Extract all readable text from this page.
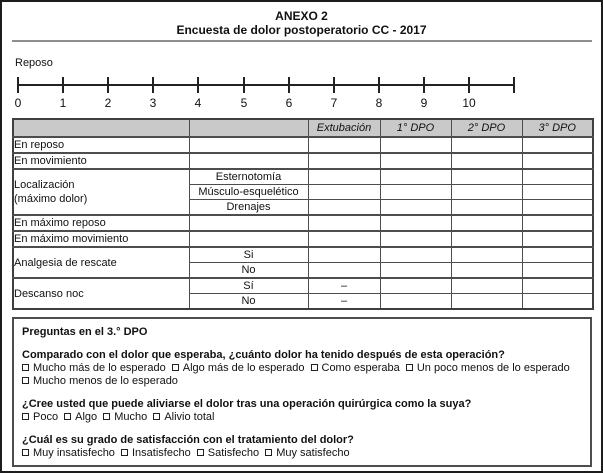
ANEXO 2
Encuesta de dolor postoperatorio CC - 2017
Reposo
0	1	2	3	4	5	6	7	8	9	10
		Extubación	1° DPO	2° DPO	3° DPO
En reposo					
En movimiento					

Localización
(máximo dolor)	Esternotomía				
	Músculo-esquelético				
	Drenajes				
En máximo reposo					
En máximo movimiento					
Analgesia de rescate	Si				
	No				
Descanso noc	Sí	–			
	No	–			
Preguntas en el 3.° DPO
Comparado con el dolor que esperaba, ¿cuánto dolor ha tenido después de esta operación?
Mucho más de lo esperado Algo más de lo esperado Como esperaba Un poco menos de lo esperado Mucho menos de lo esperado
¿Cree usted que puede aliviarse el dolor tras una operación quirúrgica como la suya?
Poco Algo Mucho Alivio total
¿Cuál es su grado de satisfacción con el tratamiento del dolor?
Muy insatisfecho Insatisfecho Satisfecho Muy satisfecho
